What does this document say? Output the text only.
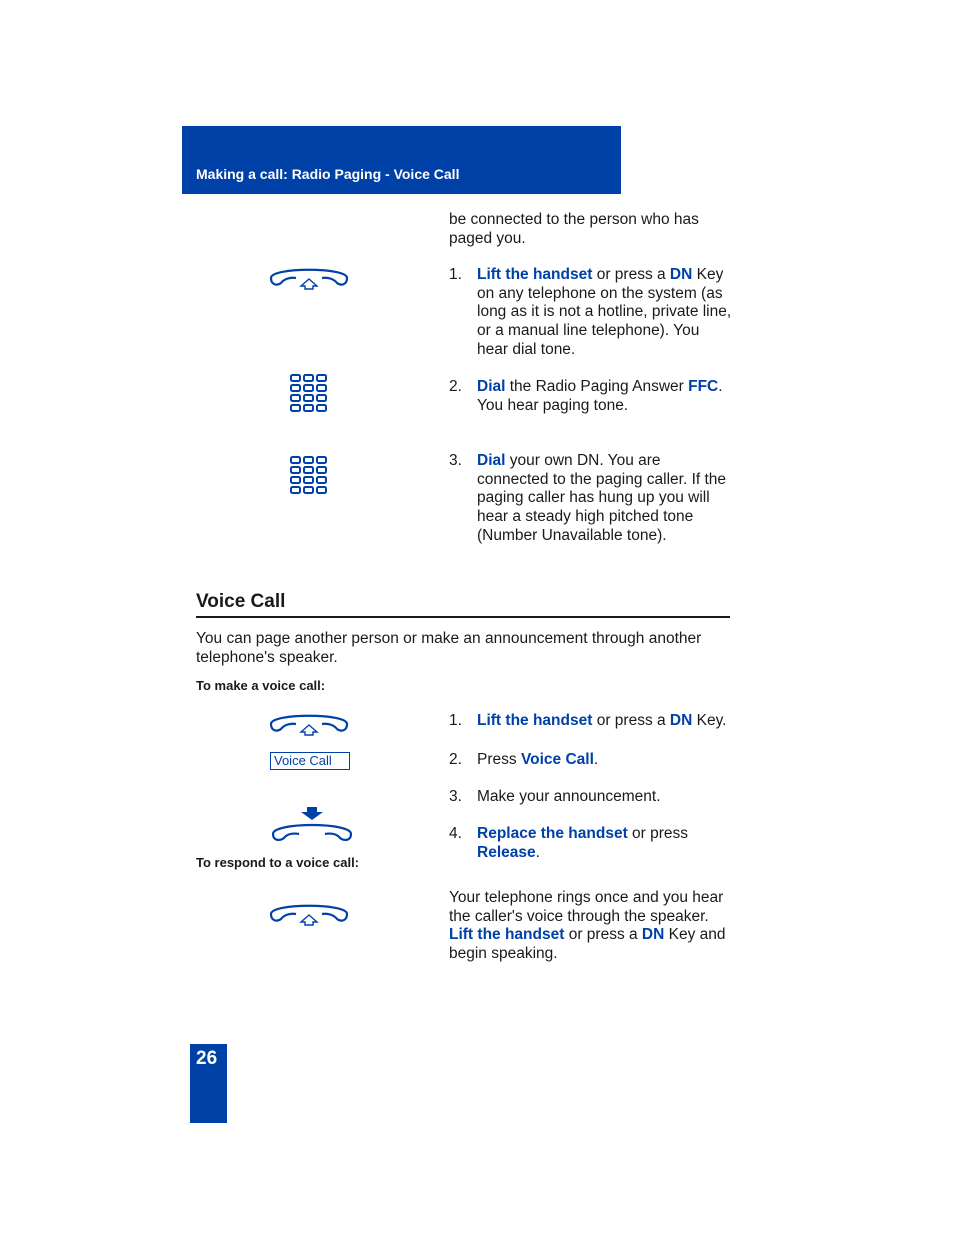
Making a call: Radio Paging - Voice Call
be connected to the person who has paged you.
1. Lift the handset or press a DN Key on any telephone on the system (as long as it is not a hotline, private line, or a manual line telephone). You hear dial tone.
2. Dial the Radio Paging Answer FFC. You hear paging tone.
3. Dial your own DN. You are connected to the paging caller. If the paging caller has hung up you will hear a steady high pitched tone (Number Unavailable tone).
Voice Call
You can page another person or make an announcement through another telephone's speaker.
To make a voice call:
Voice Call
1. Lift the handset or press a DN Key.
2. Press Voice Call.
3. Make your announcement.
4. Replace the handset or press Release.
To respond to a voice call:
Your telephone rings once and you hear the caller's voice through the speaker. Lift the handset or press a DN Key and begin speaking.
26
